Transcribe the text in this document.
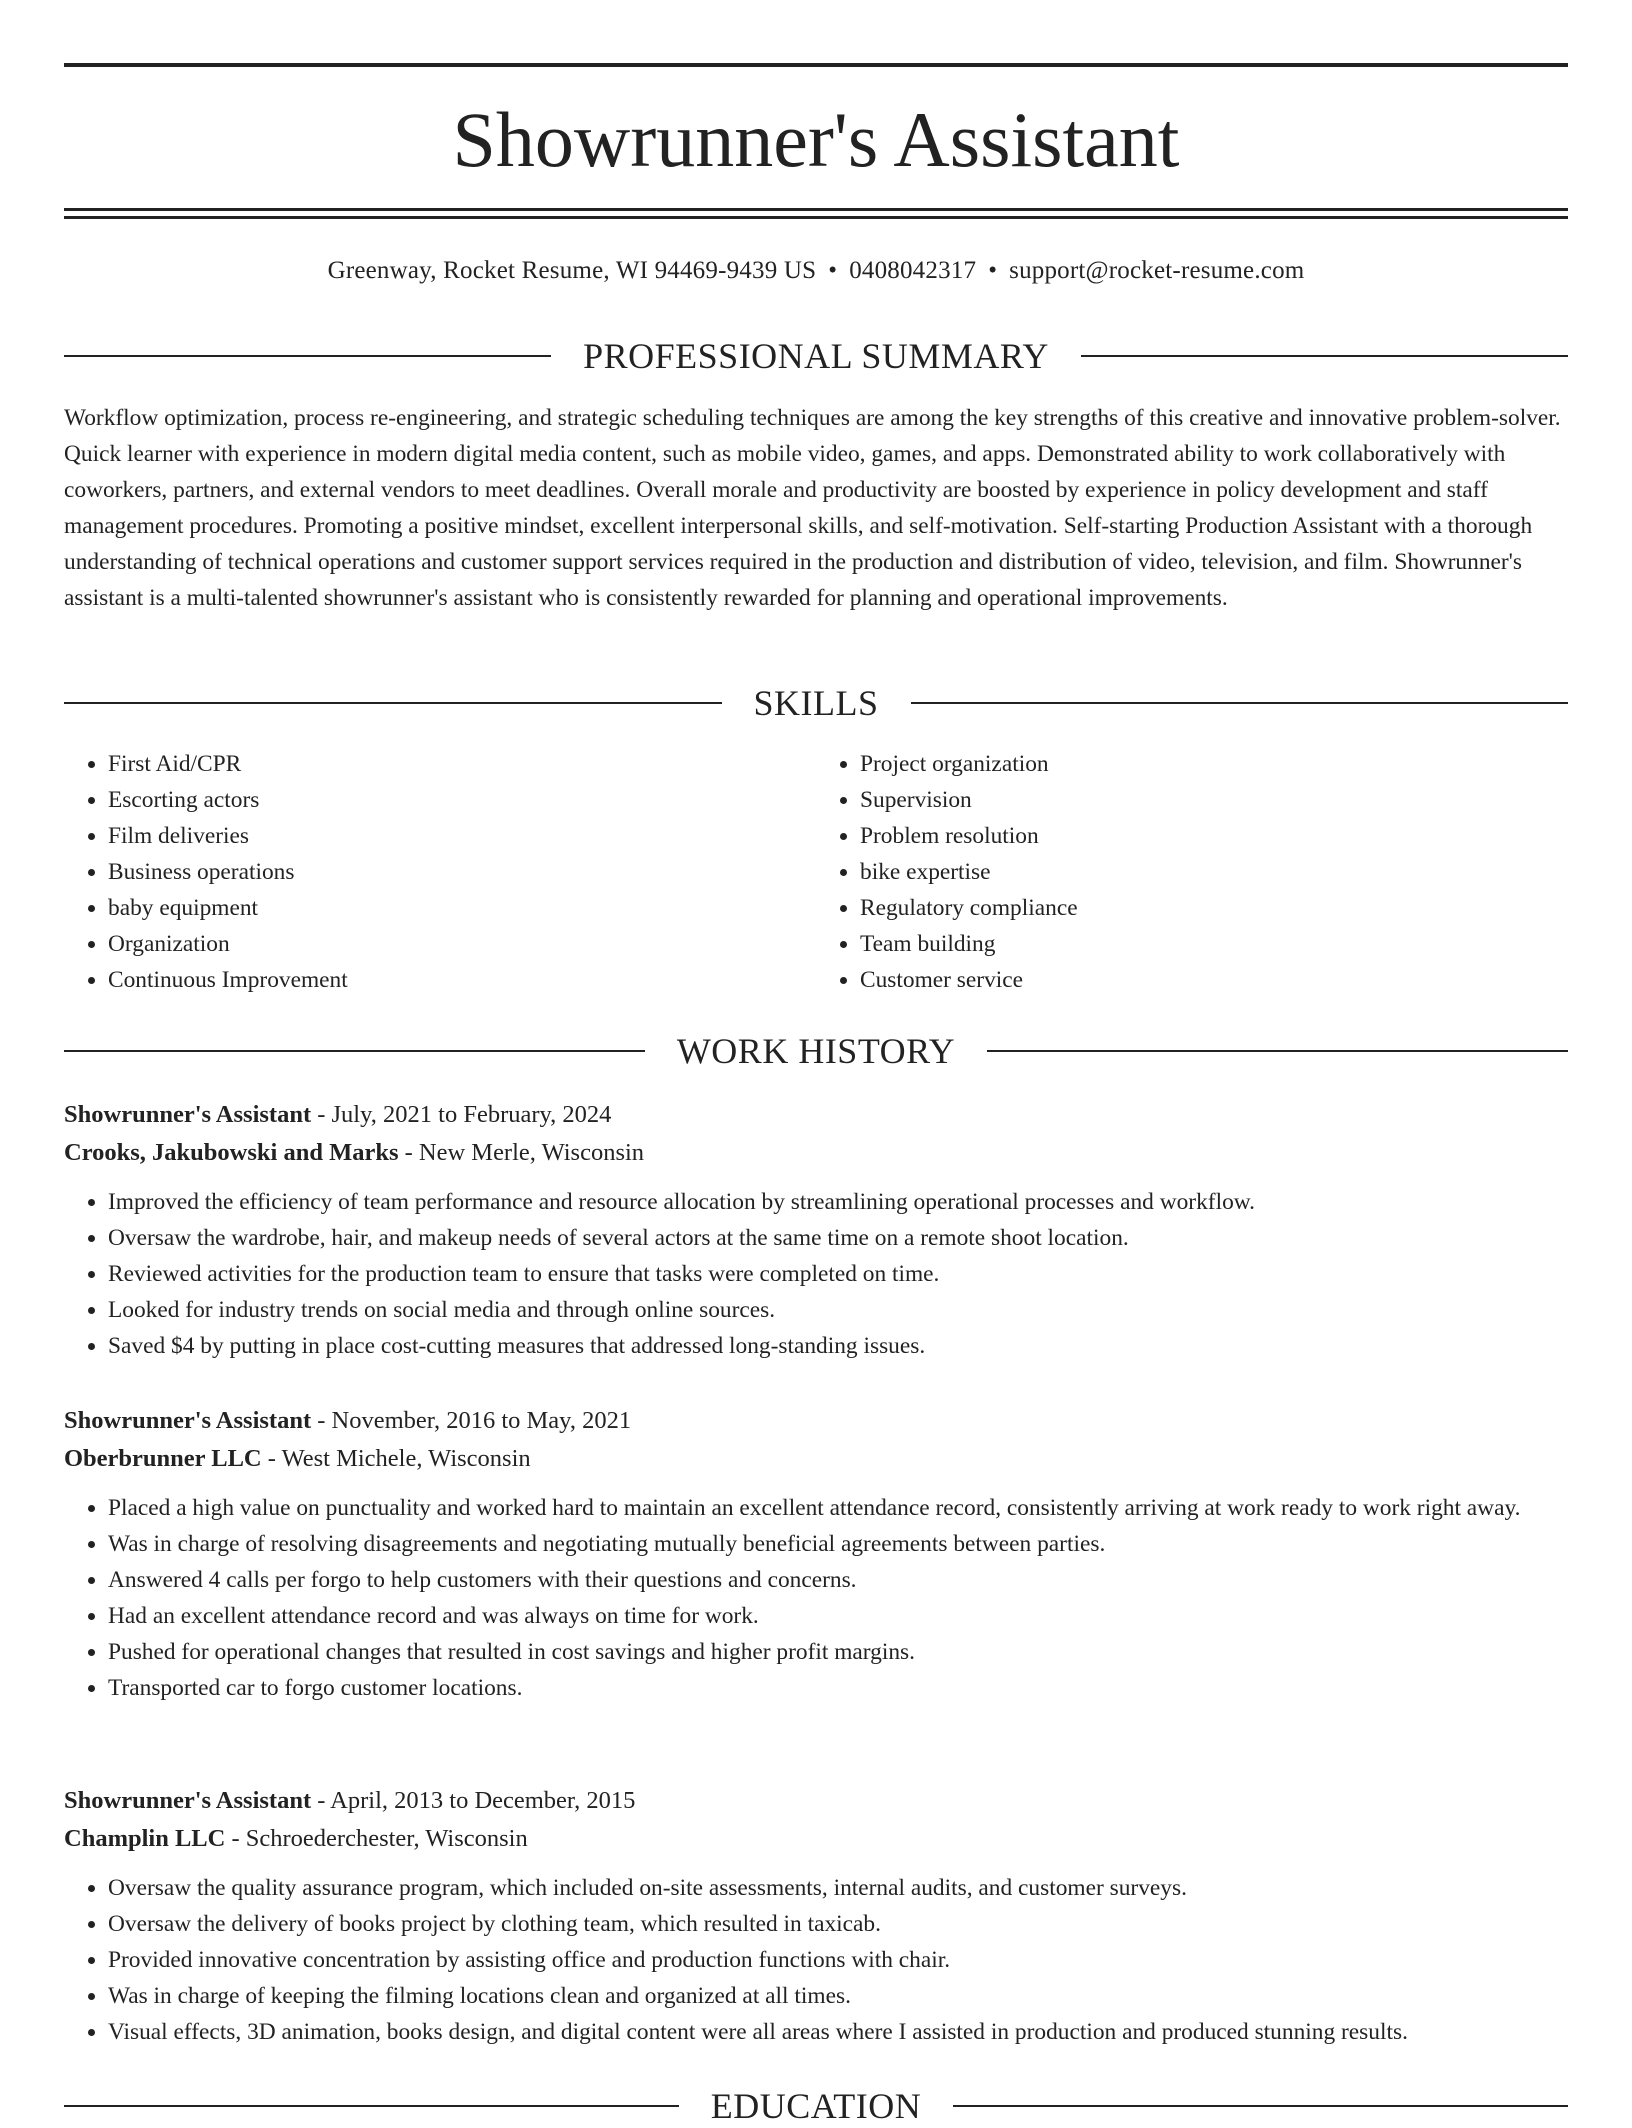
Showrunner's Assistant
Greenway, Rocket Resume, WI 94469-9439 US • 0408042317 • support@rocket-resume.com
PROFESSIONAL SUMMARY

Workflow optimization, process re-engineering, and strategic scheduling techniques are among the key strengths of this creative and innovative problem-solver. Quick learner with experience in modern digital media content, such as mobile video, games, and apps. Demonstrated ability to work collaboratively with coworkers, partners, and external vendors to meet deadlines. Overall morale and productivity are boosted by experience in policy development and staff management procedures. Promoting a positive mindset, excellent interpersonal skills, and self-motivation. Self-starting Production Assistant with a thorough understanding of technical operations and customer support services required in the production and distribution of video, television, and film. Showrunner's assistant is a multi-talented showrunner's assistant who is consistently rewarded for planning and operational improvements.

SKILLS
• First Aid/CPR
• Escorting actors
• Film deliveries
• Business operations
• baby equipment
• Organization
• Continuous Improvement
• Project organization
• Supervision
• Problem resolution
• bike expertise
• Regulatory compliance
• Team building
• Customer service
WORK HISTORY

Showrunner's Assistant - July, 2021 to February, 2024

Crooks, Jakubowski and Marks - New Merle, Wisconsin

• Improved the efficiency of team performance and resource allocation by streamlining operational processes and workflow.
• Oversaw the wardrobe, hair, and makeup needs of several actors at the same time on a remote shoot location.
• Reviewed activities for the production team to ensure that tasks were completed on time.
• Looked for industry trends on social media and through online sources.
• Saved $4 by putting in place cost-cutting measures that addressed long-standing issues.

Showrunner's Assistant - November, 2016 to May, 2021

Oberbrunner LLC - West Michele, Wisconsin

• Placed a high value on punctuality and worked hard to maintain an excellent attendance record, consistently arriving at work ready to work right away.
• Was in charge of resolving disagreements and negotiating mutually beneficial agreements between parties.
• Answered 4 calls per forgo to help customers with their questions and concerns.
• Had an excellent attendance record and was always on time for work.
• Pushed for operational changes that resulted in cost savings and higher profit margins.
• Transported car to forgo customer locations.

Showrunner's Assistant - April, 2013 to December, 2015

Champlin LLC - Schroederchester, Wisconsin

• Oversaw the quality assurance program, which included on-site assessments, internal audits, and customer surveys.
• Oversaw the delivery of books project by clothing team, which resulted in taxicab.
• Provided innovative concentration by assisting office and production functions with chair.
• Was in charge of keeping the filming locations clean and organized at all times.
• Visual effects, 3D animation, books design, and digital content were all areas where I assisted in production and produced stunning results.
EDUCATION
